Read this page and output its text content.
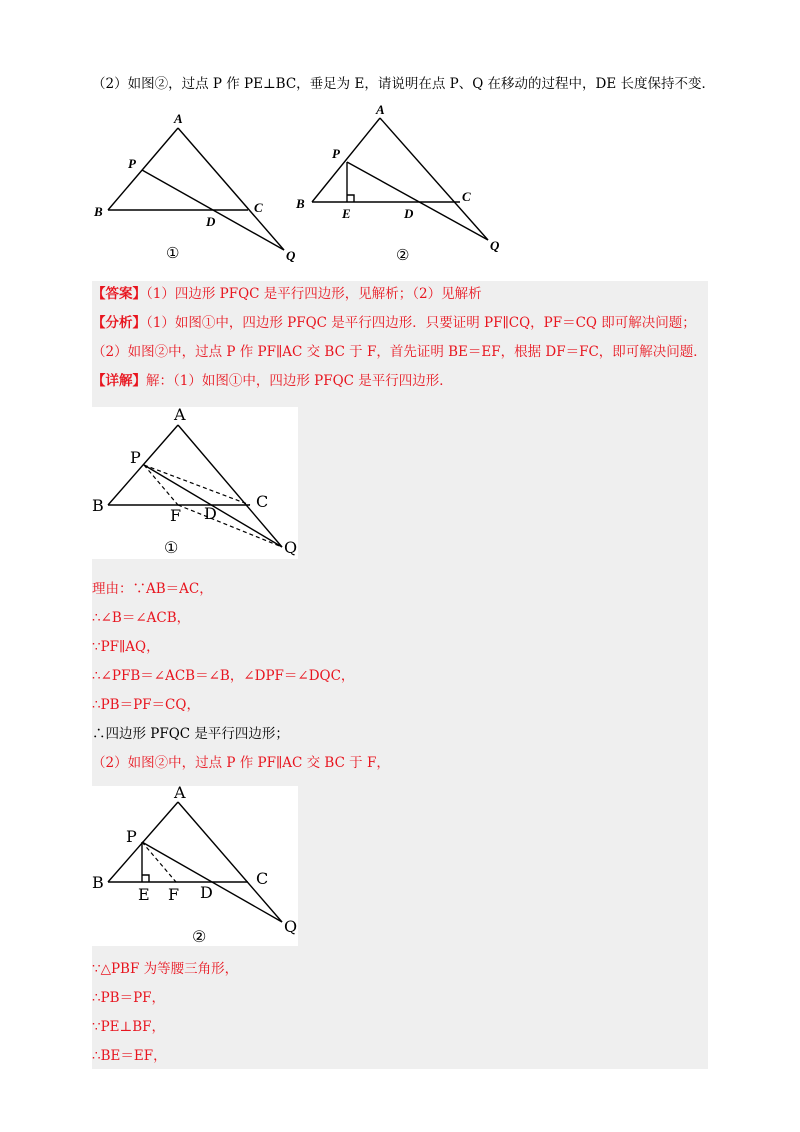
（2）如图②，过点 P 作 PE⊥BC，垂足为 E，请说明在点 P、Q 在移动的过程中，DE 长度保持不变．
A
B	C
D
P
Q
①
A
B	C
D
E
P
Q
②
【答案】（1）四边形 PFQC 是平行四边形，见解析；（2）见解析
【分析】（1）如图①中，四边形 PFQC 是平行四边形．只要证明 PF∥CQ，PF＝CQ 即可解决问题；
（2）如图②中，过点 P 作 PF∥AC 交 BC 于 F，首先证明 BE＝EF，根据 DF＝FC，即可解决问题．
【详解】解：（1）如图①中，四边形 PFQC 是平行四边形．
A
B	C
D
F
P
Q
①
理由：∵AB＝AC，
∴∠B＝∠ACB，
∵PF∥AQ，
∴∠PFB＝∠ACB＝∠B，∠DPF＝∠DQC，
∴PB＝PF＝CQ，
∴四边形 PFQC 是平行四边形；
（2）如图②中，过点 P 作 PF∥AC 交 BC 于 F，
A
B	C
D
E F
P
Q
②
∵△PBF 为等腰三角形，
∴PB＝PF，
∵PE⊥BF，
∴BE＝EF，
